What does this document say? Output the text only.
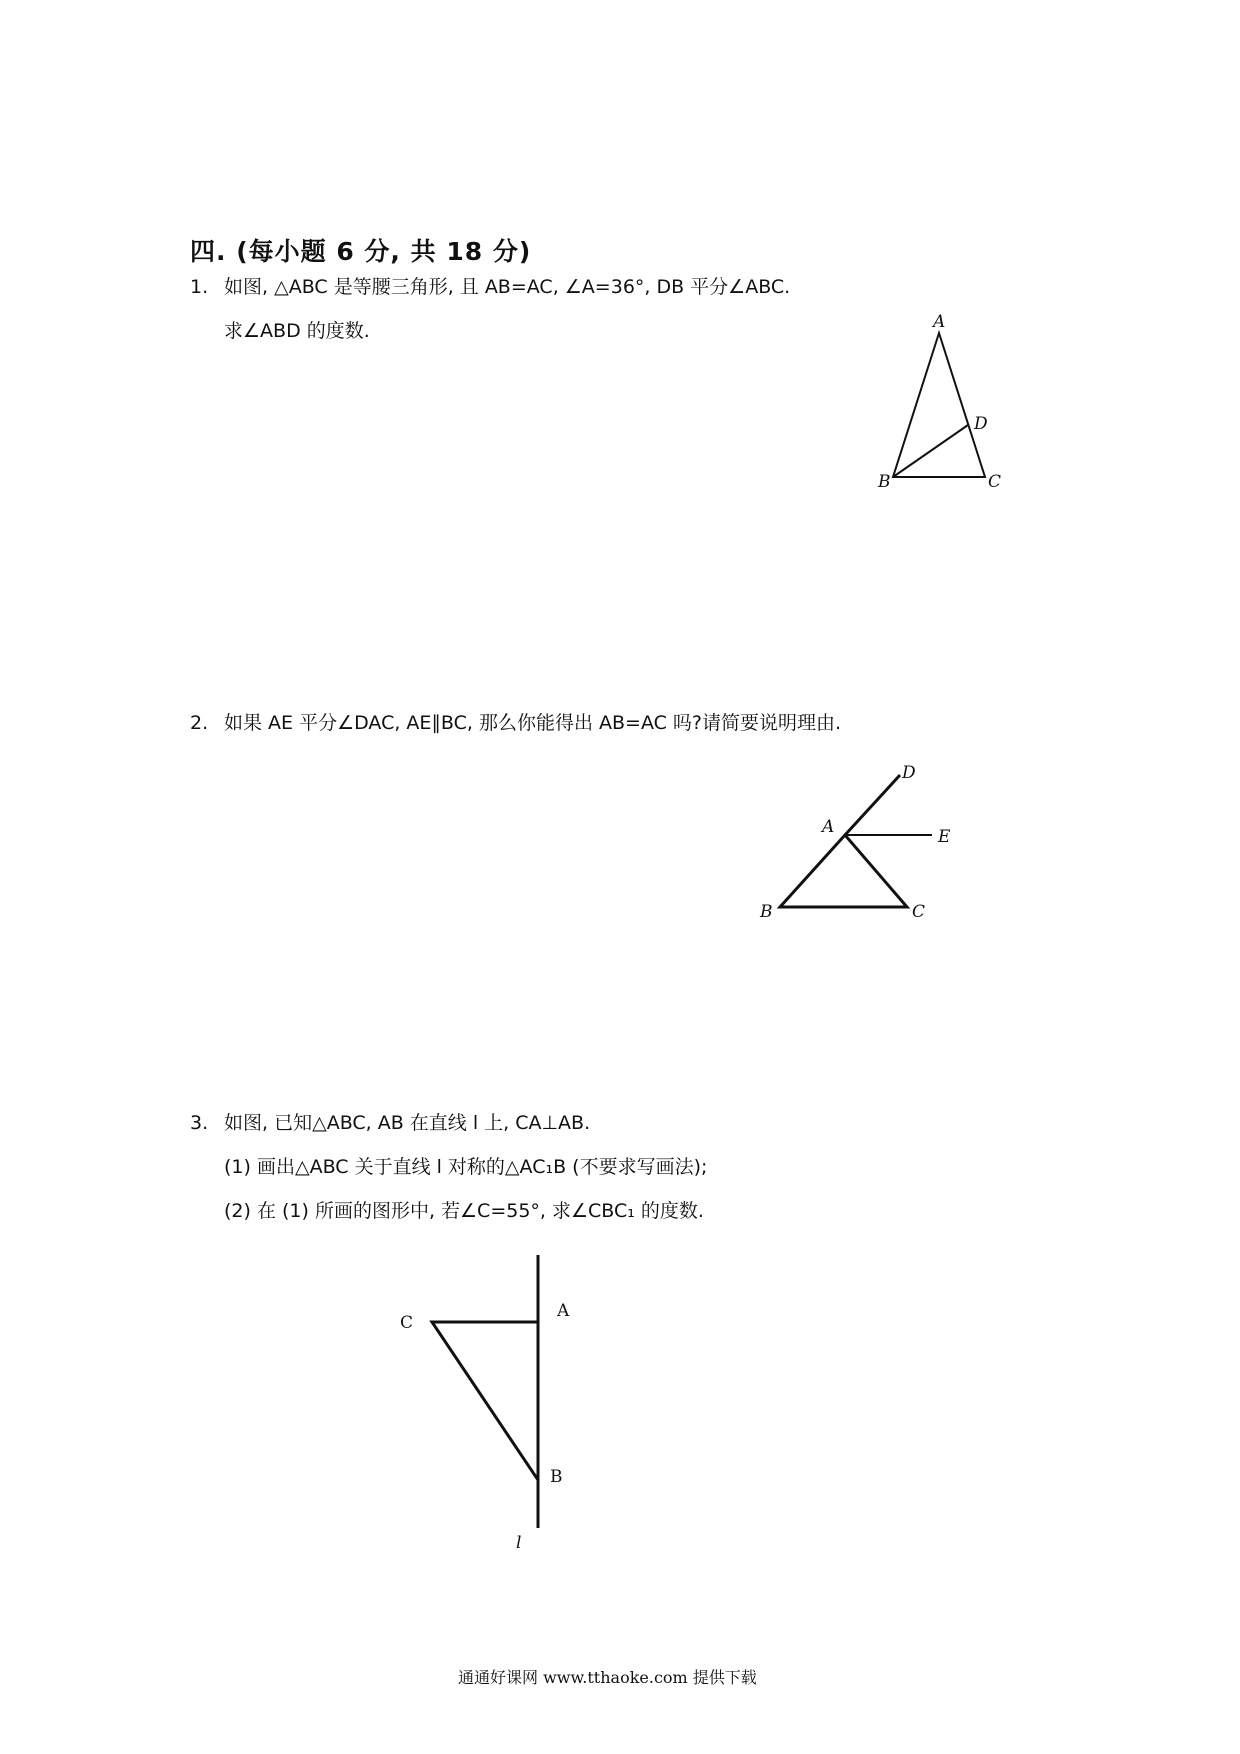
四. (每小题 6 分, 共 18 分)
1. 如图, △ABC 是等腰三角形, 且 AB=AC, ∠A=36°, DB 平分∠ABC.
求∠ABD 的度数.	A
D
B	C
2. 如果 AE 平分∠DAC, AE∥BC, 那么你能得出 AB=AC 吗?请简要说明理由.
D
A	E
B	C
3. 如图, 已知△ABC, AB 在直线 l 上, CA⊥AB.
(1) 画出△ABC 关于直线 l 对称的△AC₁B (不要求写画法);
(2) 在 (1) 所画的图形中, 若∠C=55°, 求∠CBC₁ 的度数.
C
A
B
l
通通好课网 www.tthaoke.com 提供下载
